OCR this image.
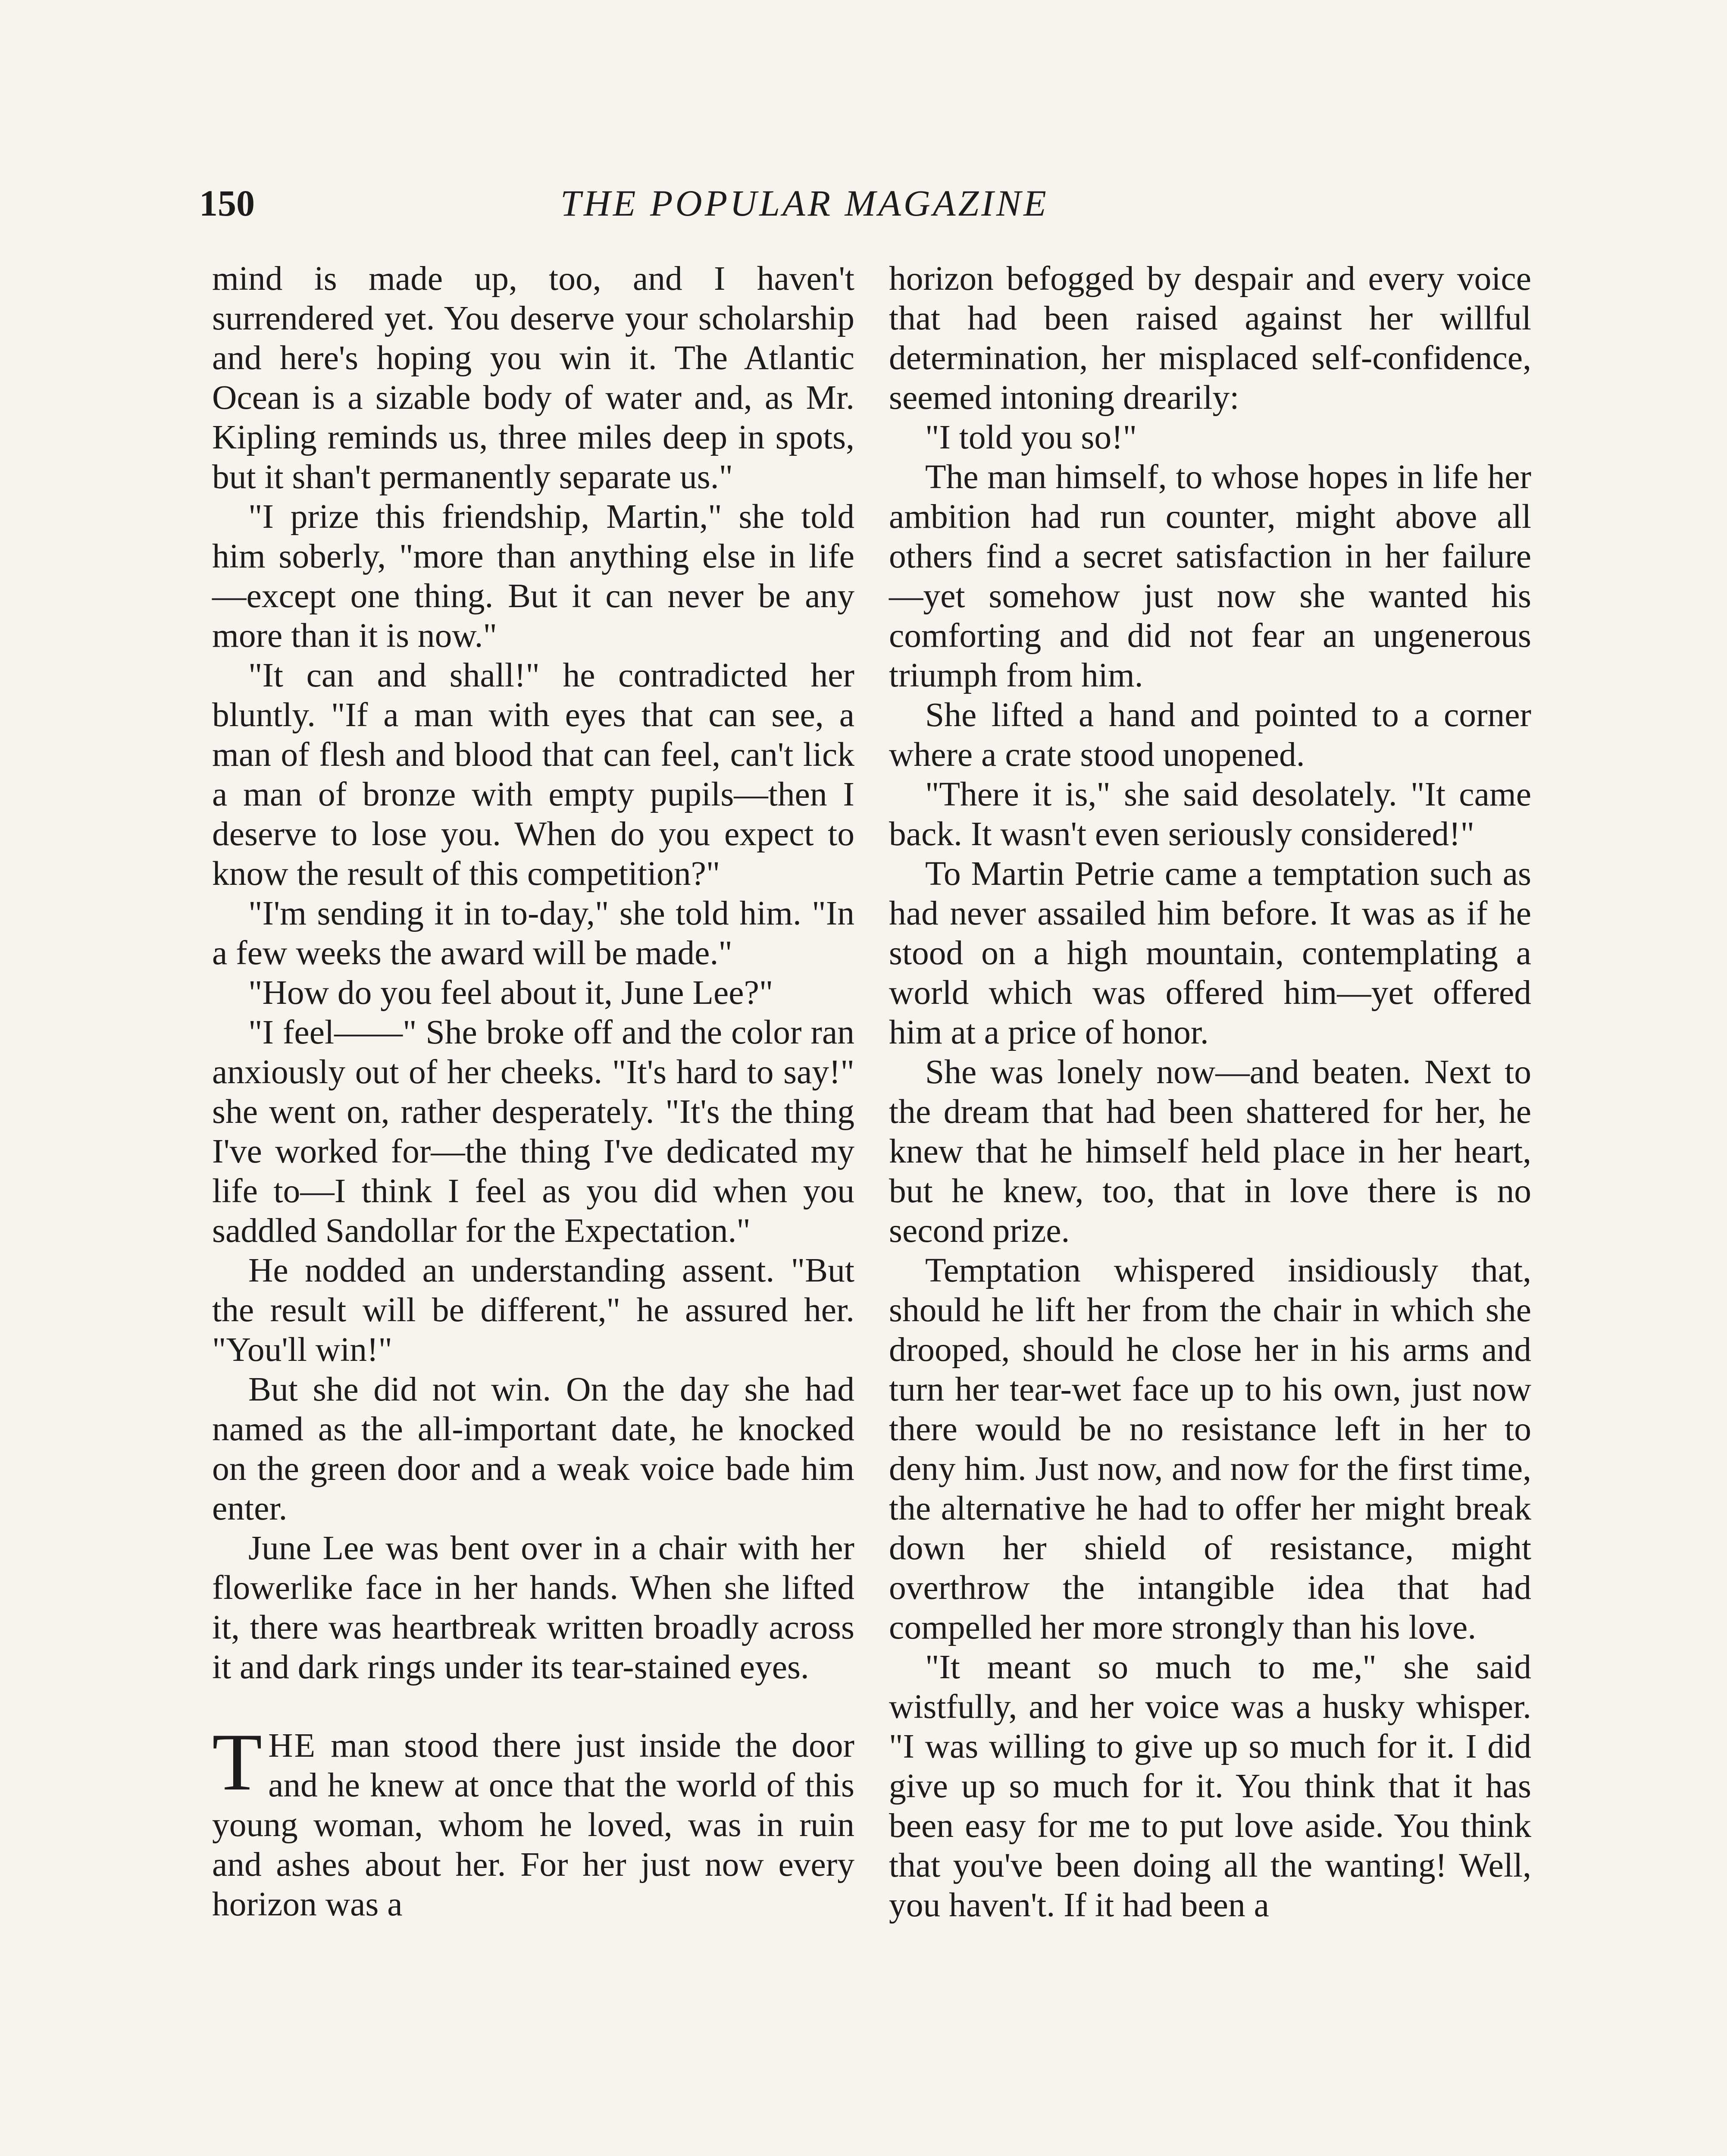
150	THE POPULAR MAGAZINE

mind is made up, too, and I haven't surrendered yet. You deserve your scholarship and here's hoping you win it. The Atlantic Ocean is a sizable body of water and, as Mr. Kipling reminds us, three miles deep in spots, but it shan't permanently separate us."

"I prize this friendship, Martin," she told him soberly, "more than anything else in life—except one thing. But it can never be any more than it is now."

"It can and shall!" he contradicted her bluntly. "If a man with eyes that can see, a man of flesh and blood that can feel, can't lick a man of bronze with empty pupils—then I deserve to lose you. When do you expect to know the result of this competition?"

"I'm sending it in to-day," she told him. "In a few weeks the award will be made."

"How do you feel about it, June Lee?"

"I feel——" She broke off and the color ran anxiously out of her cheeks. "It's hard to say!" she went on, rather desperately. "It's the thing I've worked for—the thing I've dedicated my life to—I think I feel as you did when you saddled Sandollar for the Expectation."

He nodded an understanding assent. "But the result will be different," he assured her. "You'll win!"

But she did not win. On the day she had named as the all-important date, he knocked on the green door and a weak voice bade him enter.

June Lee was bent over in a chair with her flowerlike face in her hands. When she lifted it, there was heartbreak written broadly across it and dark rings under its tear-stained eyes.

THE man stood there just inside the door and he knew at once that the world of this young woman, whom he loved, was in ruin and ashes about her. For her just now every horizon was a

horizon befogged by despair and every voice that had been raised against her willful determination, her misplaced self-confidence, seemed intoning drearily:

"I told you so!"

The man himself, to whose hopes in life her ambition had run counter, might above all others find a secret satisfaction in her failure—yet somehow just now she wanted his comforting and did not fear an ungenerous triumph from him.

She lifted a hand and pointed to a corner where a crate stood unopened.

"There it is," she said desolately. "It came back. It wasn't even seriously considered!"

To Martin Petrie came a temptation such as had never assailed him before. It was as if he stood on a high mountain, contemplating a world which was offered him—yet offered him at a price of honor.

She was lonely now—and beaten. Next to the dream that had been shattered for her, he knew that he himself held place in her heart, but he knew, too, that in love there is no second prize.

Temptation whispered insidiously that, should he lift her from the chair in which she drooped, should he close her in his arms and turn her tear-wet face up to his own, just now there would be no resistance left in her to deny him. Just now, and now for the first time, the alternative he had to offer her might break down her shield of resistance, might overthrow the intangible idea that had compelled her more strongly than his love.

"It meant so much to me," she said wistfully, and her voice was a husky whisper. "I was willing to give up so much for it. I did give up so much for it. You think that it has been easy for me to put love aside. You think that you've been doing all the wanting! Well, you haven't. If it had been a
